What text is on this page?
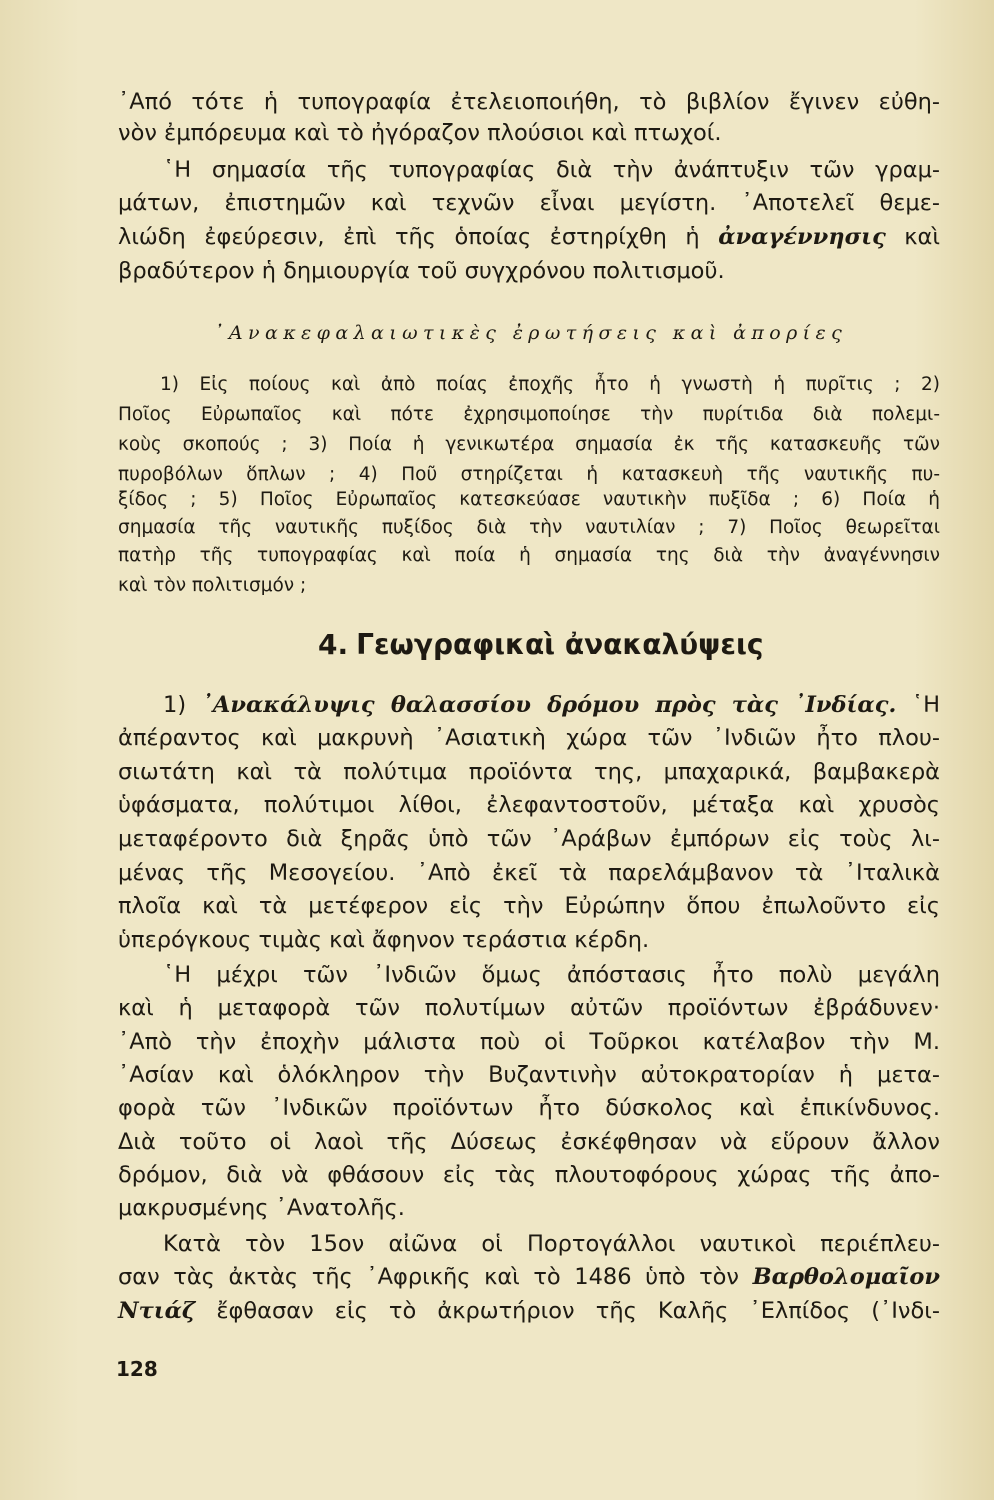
᾿Από τότε ἡ τυπογραφία ἐτελειοποιήθη, τὸ βιβλίον ἔγινεν εὐθη-

νὸν ἐμπόρευμα καὶ τὸ ἠγόραζον πλούσιοι καὶ πτωχοί.

῾Η σημασία τῆς τυπογραφίας διὰ τὴν ἀνάπτυξιν τῶν γραμ-

μάτων, ἐπιστημῶν καὶ τεχνῶν εἶναι μεγίστη. ᾿Αποτελεῖ θεμε-

λιώδη ἐφεύρεσιν, ἐπὶ τῆς ὁποίας ἐστηρίχθη ἡ ἀναγέννησις καὶ

βραδύτερον ἡ δημιουργία τοῦ συγχρόνου πολιτισμοῦ.

᾿Ανακεφαλαιωτικὲς ἐρωτήσεις καὶ ἀπορίες

1) Εἰς ποίους καὶ ἀπὸ ποίας ἐποχῆς ἦτο ἡ γνωστὴ ἡ πυρῖτις ; 2)

Ποῖος Εὐρωπαῖος καὶ πότε ἐχρησιμοποίησε τὴν πυρίτιδα διὰ πολεμι-

κοὺς σκοπούς ; 3) Ποία ἡ γενικωτέρα σημασία ἐκ τῆς κατασκευῆς τῶν

πυροβόλων ὅπλων ; 4) Ποῦ στηρίζεται ἡ κατασκευὴ τῆς ναυτικῆς πυ-

ξίδος ; 5) Ποῖος Εὐρωπαῖος κατεσκεύασε ναυτικὴν πυξῖδα ; 6) Ποία ἡ

σημασία τῆς ναυτικῆς πυξίδος διὰ τὴν ναυτιλίαν ; 7) Ποῖος θεωρεῖται

πατὴρ τῆς τυπογραφίας καὶ ποία ἡ σημασία της διὰ τὴν ἀναγέννησιν

καὶ τὸν πολιτισμόν ;

4. Γεωγραφικαὶ ἀνακαλύψεις

1) ᾿Ανακάλυψις θαλασσίου δρόμου πρὸς τὰς ᾿Ινδίας. ῾Η

ἀπέραντος καὶ μακρυνὴ ᾿Ασιατικὴ χώρα τῶν ᾿Ινδιῶν ἦτο πλου-

σιωτάτη καὶ τὰ πολύτιμα προϊόντα της, μπαχαρικά, βαμβακερὰ

ὑφάσματα, πολύτιμοι λίθοι, ἐλεφαντοστοῦν, μέταξα καὶ χρυσὸς

μεταφέροντο διὰ ξηρᾶς ὑπὸ τῶν ᾿Αράβων ἐμπόρων εἰς τοὺς λι-

μένας τῆς Μεσογείου. ᾿Απὸ ἐκεῖ τὰ παρελάμβανον τὰ ᾿Ιταλικὰ

πλοῖα καὶ τὰ μετέφερον εἰς τὴν Εὐρώπην ὅπου ἐπωλοῦντο εἰς

ὑπερόγκους τιμὰς καὶ ἄφηνον τεράστια κέρδη.

῾Η μέχρι τῶν ᾿Ινδιῶν ὅμως ἀπόστασις ἦτο πολὺ μεγάλη

καὶ ἡ μεταφορὰ τῶν πολυτίμων αὐτῶν προϊόντων ἐβράδυνεν·

᾿Απὸ τὴν ἐποχὴν μάλιστα ποὺ οἱ Τοῦρκοι κατέλαβον τὴν Μ.

᾿Ασίαν καὶ ὁλόκληρον τὴν Βυζαντινὴν αὐτοκρατορίαν ἡ μετα-

φορὰ τῶν ᾿Ινδικῶν προϊόντων ἦτο δύσκολος καὶ ἐπικίνδυνος.

Διὰ τοῦτο οἱ λαοὶ τῆς Δύσεως ἐσκέφθησαν νὰ εὕρουν ἄλλον

δρόμον, διὰ νὰ φθάσουν εἰς τὰς πλουτοφόρους χώρας τῆς ἀπο-

μακρυσμένης ᾿Ανατολῆς.

Κατὰ τὸν 15ον αἰῶνα οἱ Πορτογάλλοι ναυτικοὶ περιέπλευ-

σαν τὰς ἀκτὰς τῆς ᾿Αφρικῆς καὶ τὸ 1486 ὑπὸ τὸν Βαρθολομαῖον

Ντιάζ ἔφθασαν εἰς τὸ ἀκρωτήριον τῆς Καλῆς ᾿Ελπίδος (᾿Ινδι-

128
